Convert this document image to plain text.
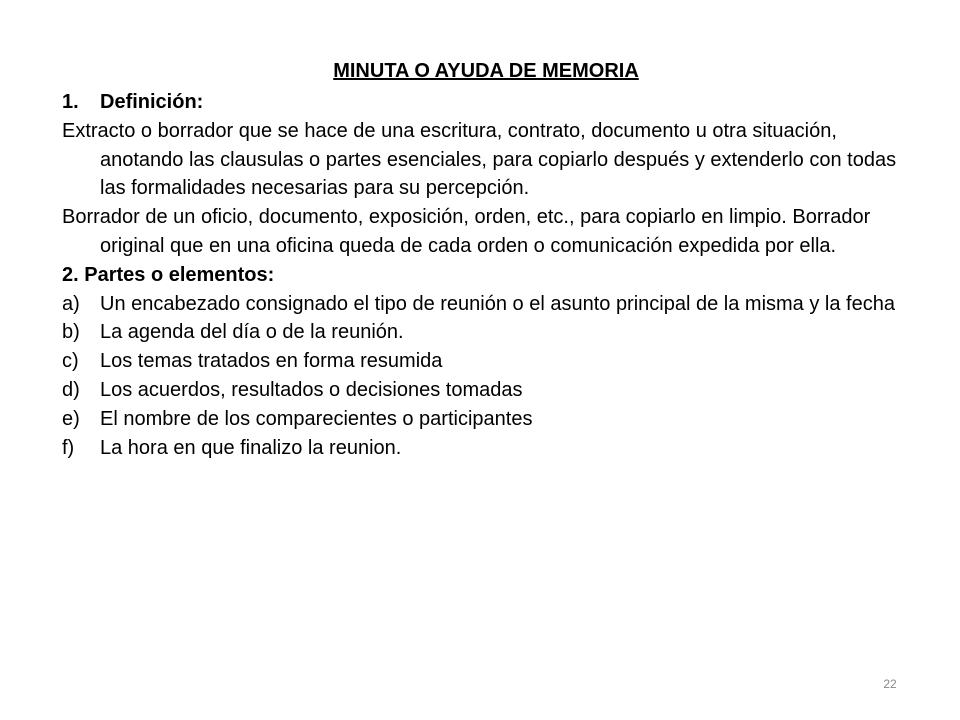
MINUTA O AYUDA DE MEMORIA
1.	Definición:
Extracto o borrador que se hace de una escritura, contrato, documento u otra situación, anotando las clausulas o partes esenciales, para copiarlo después y extenderlo con todas las formalidades necesarias para su percepción.
Borrador de un oficio, documento, exposición, orden, etc., para copiarlo en limpio. Borrador original que en una oficina queda de cada orden o comunicación expedida por ella.
2. Partes o elementos:
a)	Un encabezado consignado el tipo de reunión o el asunto principal de la misma y la fecha
b)	La agenda del día o de la reunión.
c)	Los temas tratados en forma resumida
d)	Los acuerdos, resultados o decisiones tomadas
e)	El nombre de los comparecientes o participantes
f)	La hora en que finalizo la reunion.
22
